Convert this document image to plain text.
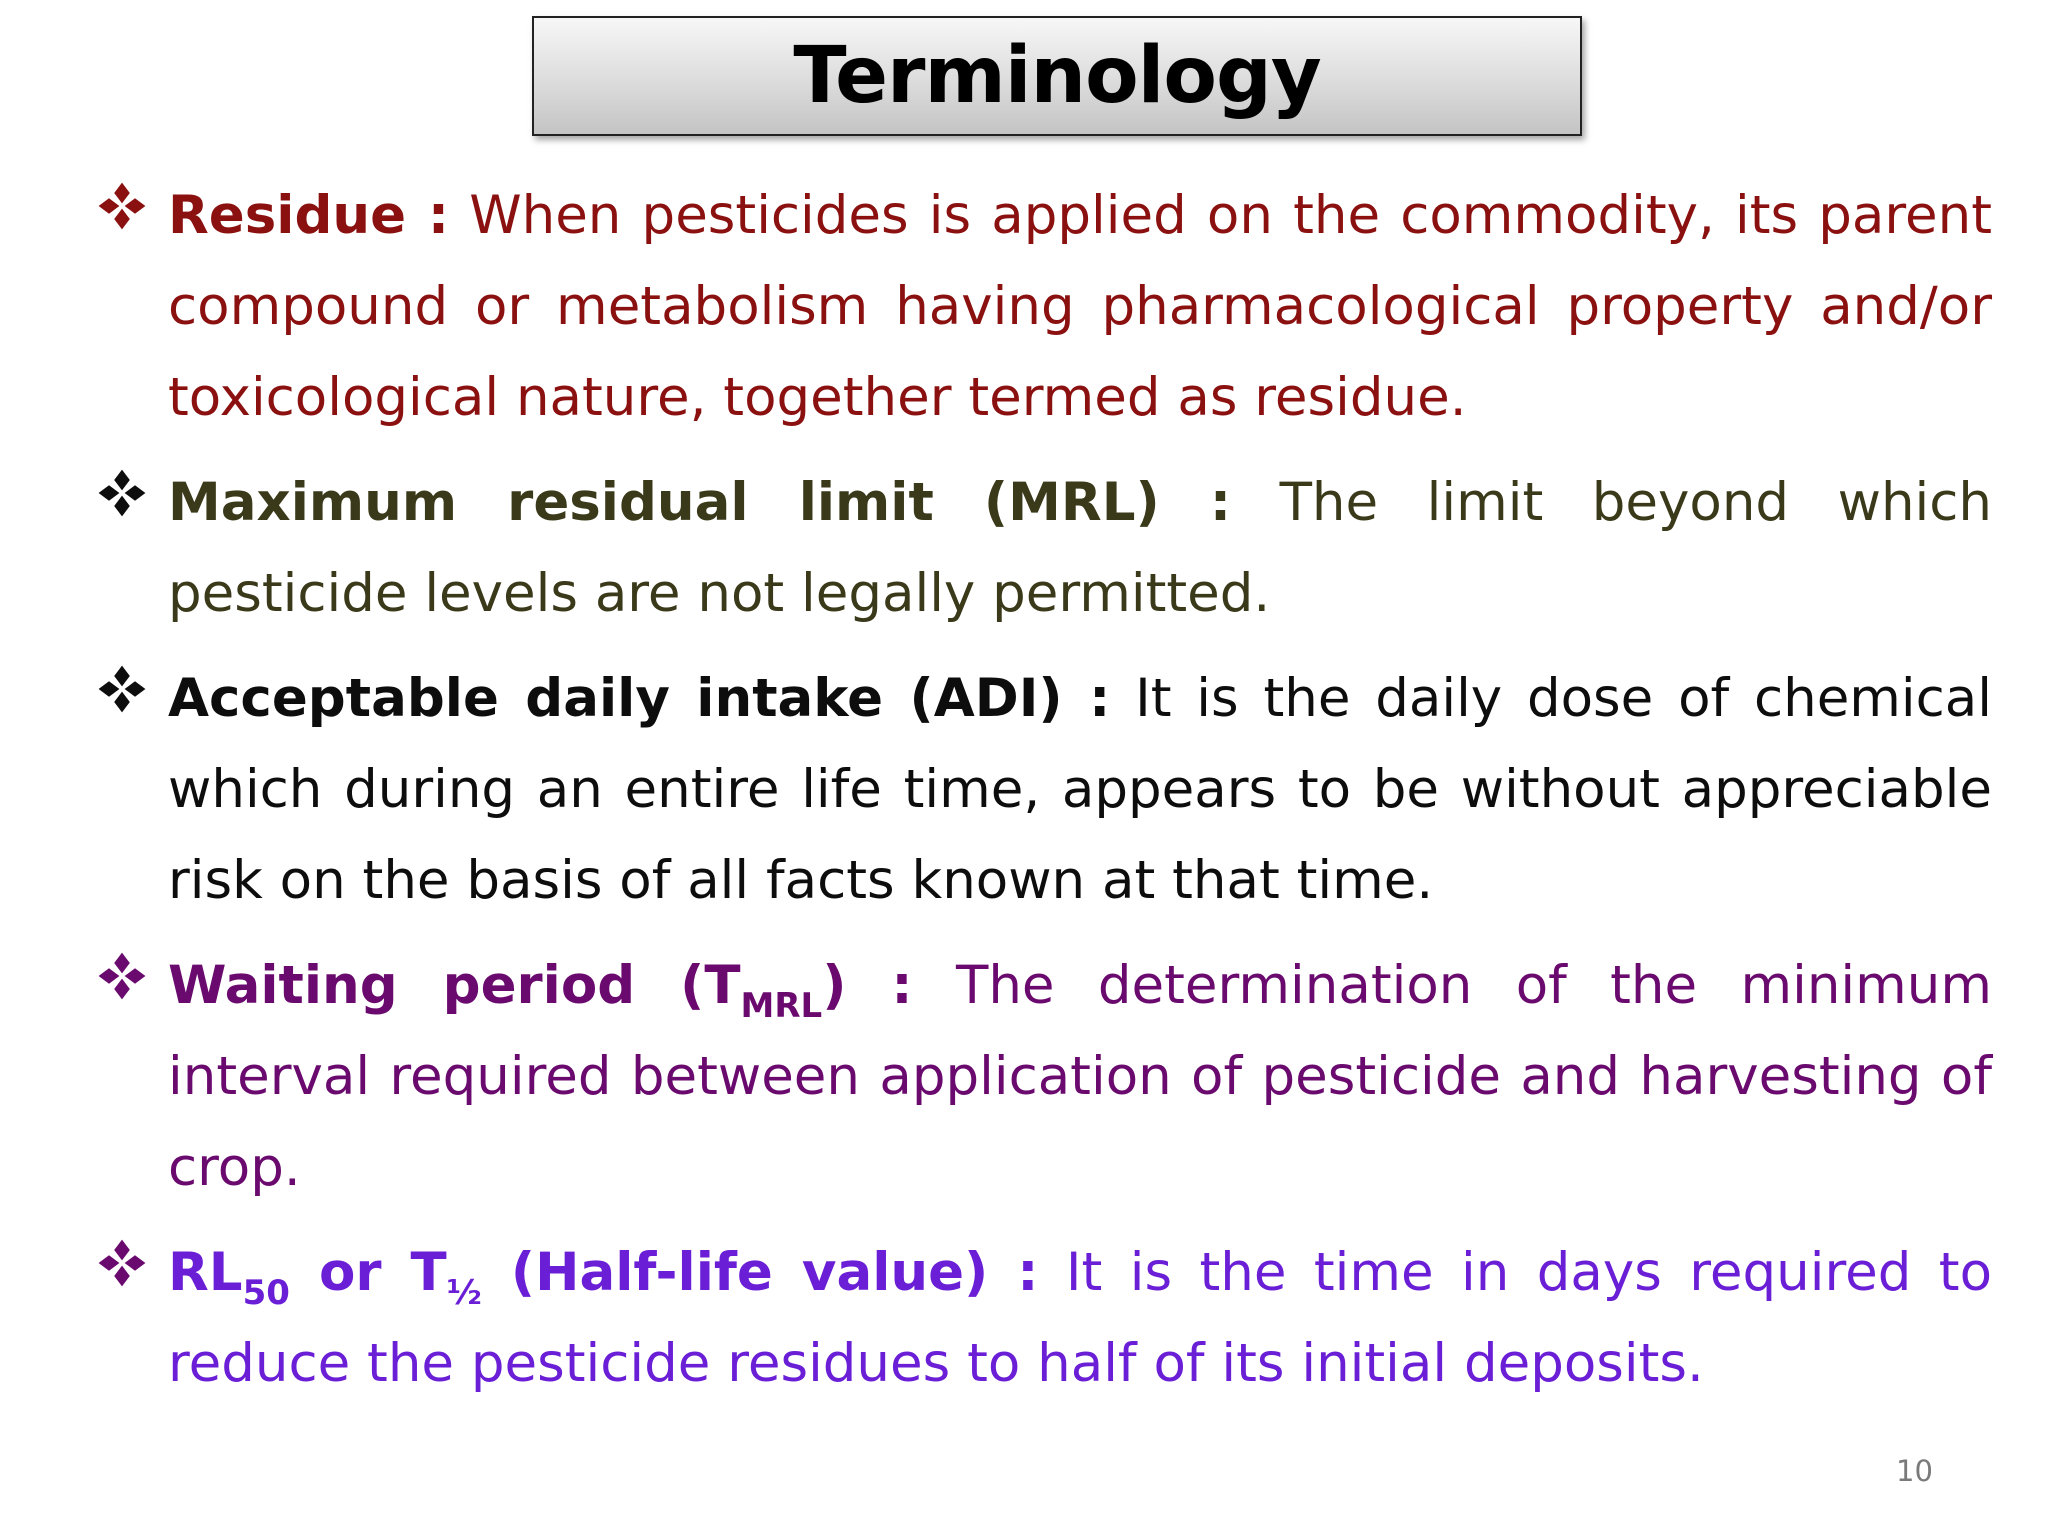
Terminology
Residue : When pesticides is applied on the commodity, its parent compound or metabolism having pharmacological property and/or toxicological nature, together termed as residue.
Maximum residual limit (MRL) : The limit beyond which pesticide levels are not legally permitted.
Acceptable daily intake (ADI) : It is the daily dose of chemical which during an entire life time, appears to be without appreciable risk on the basis of all facts known at that time.
Waiting period $(T_{MRL})$ : The determination of the minimum interval required between application of pesticide and harvesting of crop.
$RL_{50}$ or $T_{\frac{1}{2}}$ (Half-life value) : It is the time in days required to reduce the pesticide residues to half of its initial deposits.
10
